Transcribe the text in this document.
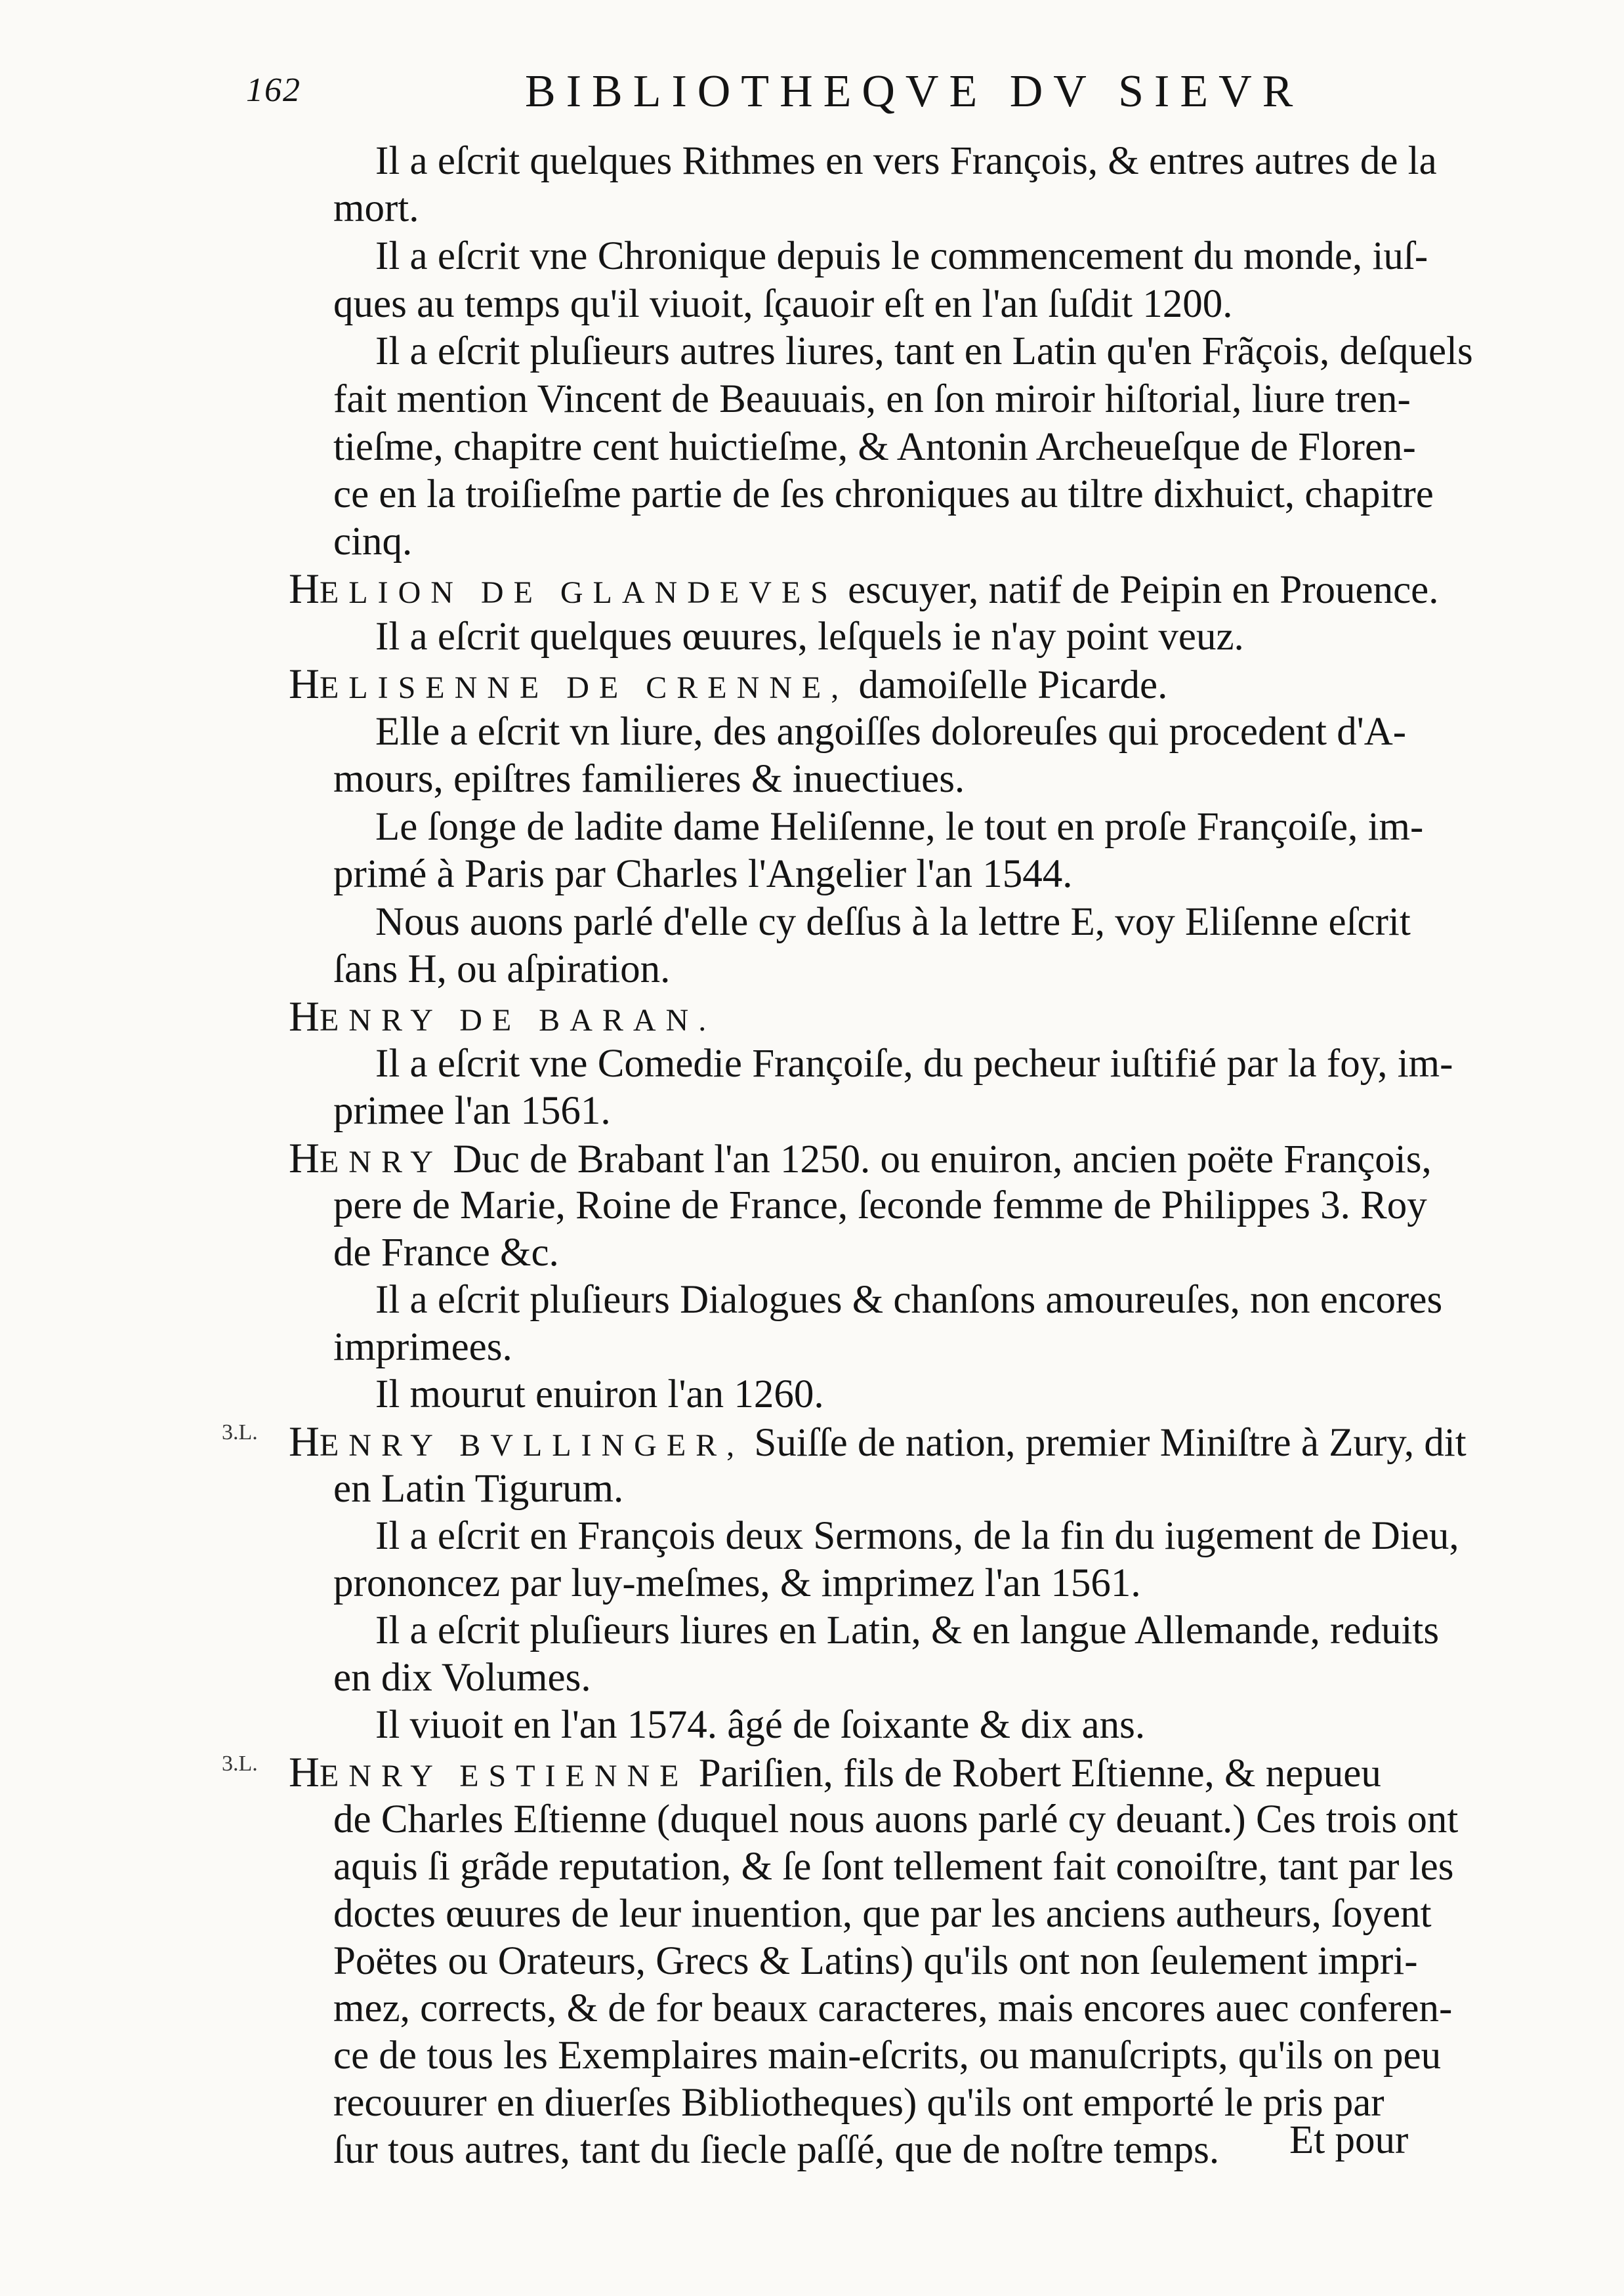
162	BIBLIOTHEQVE DV SIEVR
Il a eſcrit quelques Rithmes en vers François, & entres autres de la
mort.
Il a eſcrit vne Chronique depuis le commencement du monde, iuſ-
ques au temps qu'il viuoit, ſçauoir eſt en l'an ſuſdit 1200.
Il a eſcrit pluſieurs autres liures, tant en Latin qu'en Frãçois, deſquels
fait mention Vincent de Beauuais, en ſon miroir hiſtorial, liure tren-
tieſme, chapitre cent huictieſme, & Antonin Archeueſque de Floren-
ce en la troiſieſme partie de ſes chroniques au tiltre dixhuict, chapitre
cinq.
HELION DE GLANDEVES escuyer, natif de Peipin en Prouence.
Il a eſcrit quelques œuures, leſquels ie n'ay point veuz.
HELISENNE DE CRENNE, damoiſelle Picarde.
Elle a eſcrit vn liure, des angoiſſes doloreuſes qui procedent d'A-
mours, epiſtres familieres & inuectiues.
Le ſonge de ladite dame Heliſenne, le tout en proſe Françoiſe, im-
primé à Paris par Charles l'Angelier l'an 1544.
Nous auons parlé d'elle cy deſſus à la lettre E, voy Eliſenne eſcrit
ſans H, ou aſpiration.
HENRY DE BARAN.
Il a eſcrit vne Comedie Françoiſe, du pecheur iuſtifié par la foy, im-
primee l'an 1561.
HENRY Duc de Brabant l'an 1250. ou enuiron, ancien poëte François,
pere de Marie, Roine de France, ſeconde femme de Philippes 3. Roy
de France &c.
Il a eſcrit pluſieurs Dialogues & chanſons amoureuſes, non encores
imprimees.
Il mourut enuiron l'an 1260.
3.L. HENRY BVLLINGER, Suiſſe de nation, premier Miniſtre à Zury, dit
en Latin Tigurum.
Il a eſcrit en François deux Sermons, de la fin du iugement de Dieu,
prononcez par luy-meſmes, & imprimez l'an 1561.
Il a eſcrit pluſieurs liures en Latin, & en langue Allemande, reduits
en dix Volumes.
Il viuoit en l'an 1574. âgé de ſoixante & dix ans.
3.L. HENRY ESTIENNE Pariſien, fils de Robert Eſtienne, & nepueu
de Charles Eſtienne (duquel nous auons parlé cy deuant.) Ces trois ont
aquis ſi grãde reputation, & ſe ſont tellement fait conoiſtre, tant par les
doctes œuures de leur inuention, que par les anciens autheurs, ſoyent
Poëtes ou Orateurs, Grecs & Latins) qu'ils ont non ſeulement impri-
mez, corrects, & de for beaux caracteres, mais encores auec conferen-
ce de tous les Exemplaires main-eſcrits, ou manuſcripts, qu'ils on peu
recouurer en diuerſes Bibliotheques) qu'ils ont emporté le pris par
ſur tous autres, tant du ſiecle paſſé, que de noſtre temps. Et pour
